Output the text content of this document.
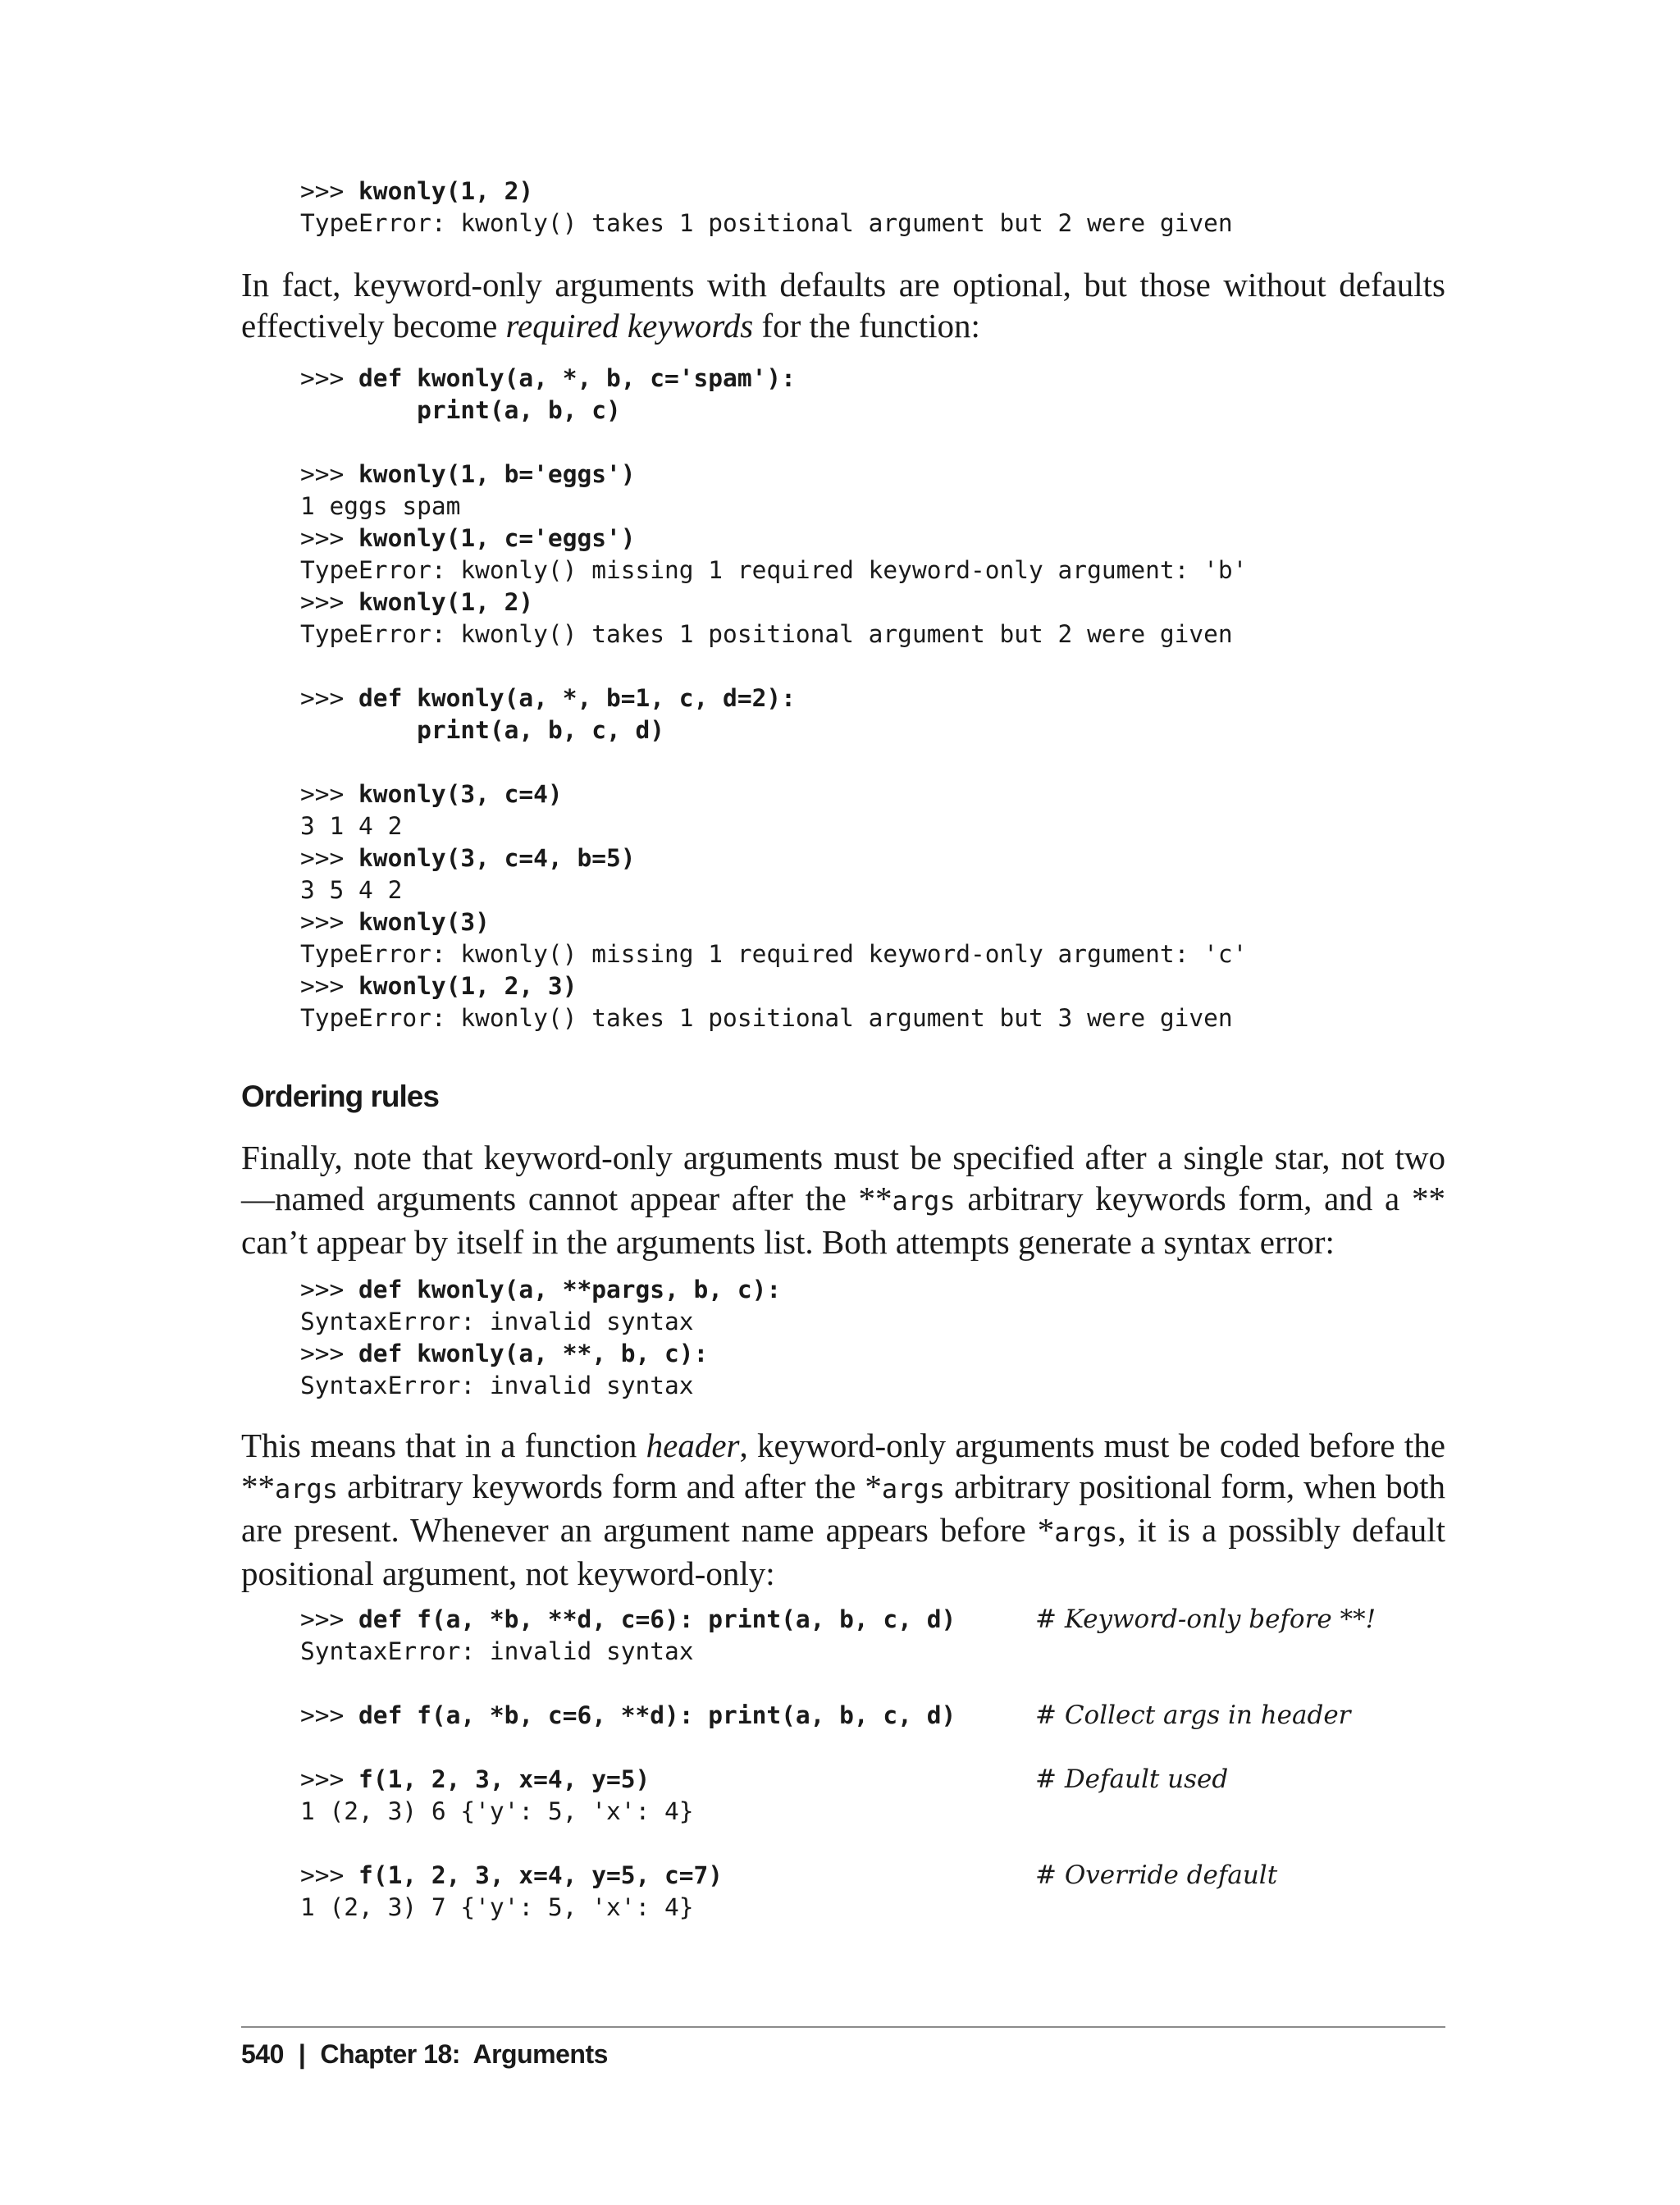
>>> kwonly(1, 2)
TypeError: kwonly() takes 1 positional argument but 2 were given

In fact, keyword-only arguments with defaults are optional, but those without defaults effectively become required keywords for the function:

>>> def kwonly(a, *, b, c='spam'):
print(a, b, c)
>>> kwonly(1, b='eggs')
1 eggs spam
>>> kwonly(1, c='eggs')
TypeError: kwonly() missing 1 required keyword-only argument: 'b'
>>> kwonly(1, 2)
TypeError: kwonly() takes 1 positional argument but 2 were given
>>> def kwonly(a, *, b=1, c, d=2):
print(a, b, c, d)
>>> kwonly(3, c=4)
3 1 4 2
>>> kwonly(3, c=4, b=5)
3 5 4 2
>>> kwonly(3)
TypeError: kwonly() missing 1 required keyword-only argument: 'c'
>>> kwonly(1, 2, 3)
TypeError: kwonly() takes 1 positional argument but 3 were given
Ordering rules

Finally, note that keyword-only arguments must be specified after a single star, not two—named arguments cannot appear after the **args arbitrary keywords form, and a ** can’t appear by itself in the arguments list. Both attempts generate a syntax error:

>>> def kwonly(a, **pargs, b, c):
SyntaxError: invalid syntax
>>> def kwonly(a, **, b, c):
SyntaxError: invalid syntax

This means that in a function header, keyword-only arguments must be coded before the **args arbitrary keywords form and after the *args arbitrary positional form, when both are present. Whenever an argument name appears before *args, it is a possibly default positional argument, not keyword-only:

>>> def f(a, *b, **d, c=6): print(a, b, c, d)	# Keyword-only before **!
SyntaxError: invalid syntax
>>> def f(a, *b, c=6, **d): print(a, b, c, d)	# Collect args in header
>>> f(1, 2, 3, x=4, y=5)	# Default used
1 (2, 3) 6 {'y': 5, 'x': 4}
>>> f(1, 2, 3, x=4, y=5, c=7)	# Override default
1 (2, 3) 7 {'y': 5, 'x': 4}
540 | Chapter 18:  Arguments
